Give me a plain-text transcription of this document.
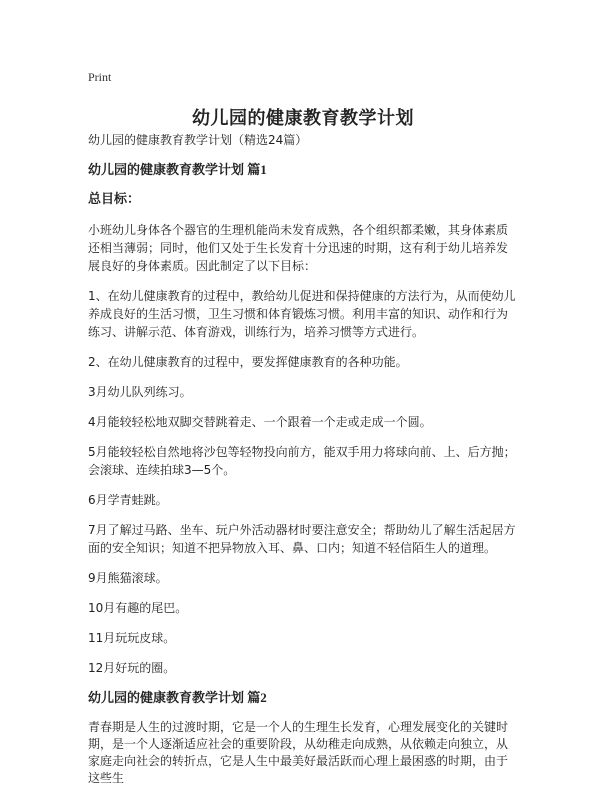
Print

幼儿园的健康教育教学计划

幼儿园的健康教育教学计划（精选24篇）

幼儿园的健康教育教学计划 篇1
总目标：

小班幼儿身体各个器官的生理机能尚未发育成熟，各个组织都柔嫩，其身体素质还相当薄弱；同时，他们又处于生长发育十分迅速的时期，这有利于幼儿培养发展良好的身体素质。因此制定了以下目标：

1、在幼儿健康教育的过程中，教给幼儿促进和保持健康的方法行为，从而使幼儿养成良好的生活习惯，卫生习惯和体育锻炼习惯。利用丰富的知识、动作和行为练习、讲解示范、体育游戏，训练行为，培养习惯等方式进行。

2、在幼儿健康教育的过程中，要发挥健康教育的各种功能。

3月幼儿队列练习。

4月能较轻松地双脚交替跳着走、一个跟着一个走或走成一个圆。

5月能较轻松自然地将沙包等轻物投向前方，能双手用力将球向前、上、后方抛；会滚球、连续拍球3—5个。

6月学青蛙跳。

7月了解过马路、坐车、玩户外活动器材时要注意安全；帮助幼儿了解生活起居方面的安全知识；知道不把异物放入耳、鼻、口内；知道不轻信陌生人的道理。

9月熊猫滚球。

10月有趣的尾巴。

11月玩玩皮球。

12月好玩的圈。

幼儿园的健康教育教学计划 篇2

青春期是人生的过渡时期，它是一个人的生理生长发育，心理发展变化的关键时期，是一个人逐渐适应社会的重要阶段，从幼稚走向成熟，从依赖走向独立，从家庭走向社会的转折点，它是人生中最美好最活跃而心理上最困惑的时期，由于这些生
